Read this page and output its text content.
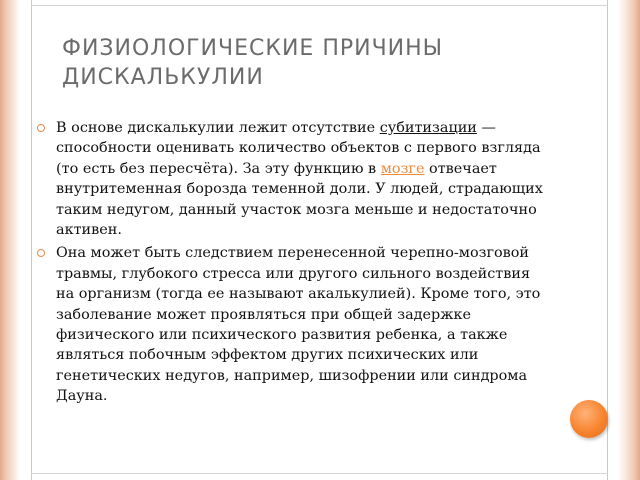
ФИЗИОЛОГИЧЕСКИЕ ПРИЧИНЫ ДИСКАЛЬКУЛИИ
В основе дискалькулии лежит отсутствие субитизации — способности оценивать количество объектов с первого взгляда (то есть без пересчёта). За эту функцию в мозге отвечает внутритеменная борозда теменной доли. У людей, страдающих таким недугом, данный участок мозга меньше и недостаточно активен.
Она может быть следствием перенесенной черепно-мозговой травмы, глубокого стресса или другого сильного воздействия на организм (тогда ее называют акалькулией). Кроме того, это заболевание может проявляться при общей задержке физического или психического развития ребенка, а также являться побочным эффектом других психических или генетических недугов, например, шизофрении или синдрома Дауна.
